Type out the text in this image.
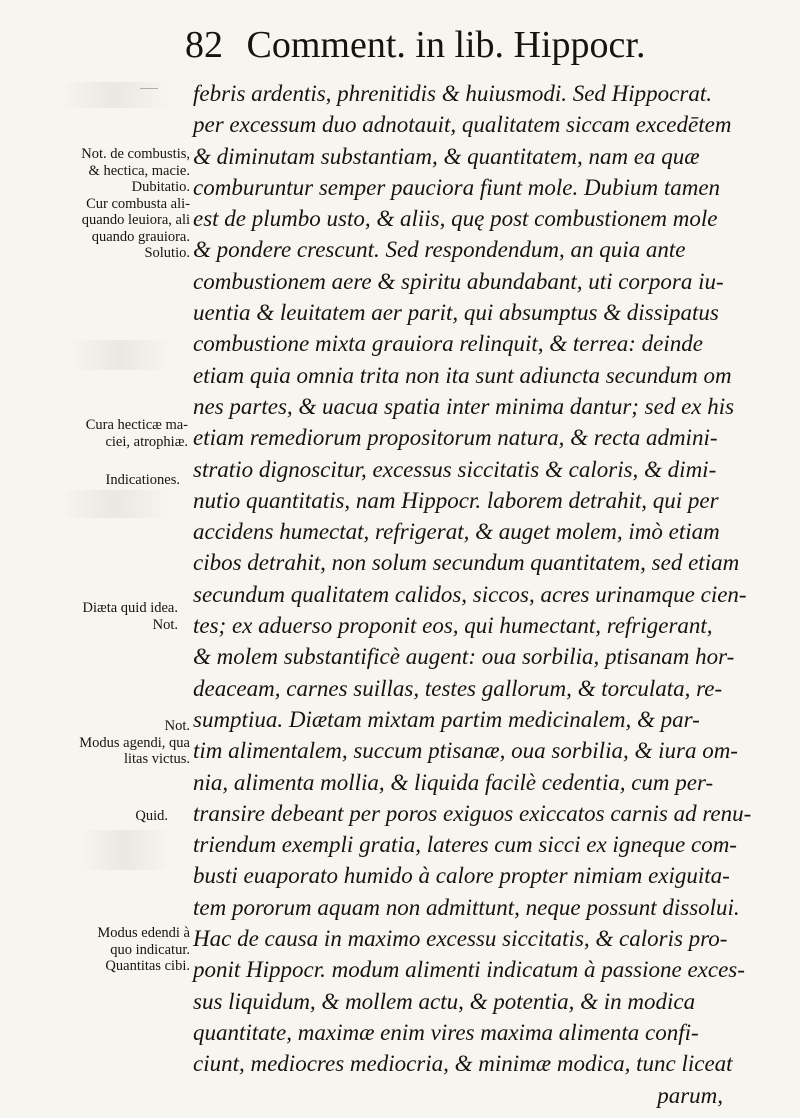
82 Comment. in lib. Hippocr.
febris ardentis, phrenitidis & huiusmodi. Sed Hippocrat.
per excessum duo adnotauit, qualitatem siccam excedētem
& diminutam substantiam, & quantitatem, nam ea quæ
comburuntur semper pauciora fiunt mole. Dubium tamen
est de plumbo usto, & aliis, quę post combustionem mole
& pondere crescunt. Sed respondendum, an quia ante
combustionem aere & spiritu abundabant, uti corpora iu-
uentia & leuitatem aer parit, qui absumptus & dissipatus
combustione mixta grauiora relinquit, & terrea: deinde
etiam quia omnia trita non ita sunt adiuncta secundum om
nes partes, & uacua spatia inter minima dantur; sed ex his
etiam remediorum propositorum natura, & recta admini-
stratio dignoscitur, excessus siccitatis & caloris, & dimi-
nutio quantitatis, nam Hippocr. laborem detrahit, qui per
accidens humectat, refrigerat, & auget molem, imò etiam
cibos detrahit, non solum secundum quantitatem, sed etiam
secundum qualitatem calidos, siccos, acres urinamque cien-
tes; ex aduerso proponit eos, qui humectant, refrigerant,
& molem substantificè augent: oua sorbilia, ptisanam hor-
deaceam, carnes suillas, testes gallorum, & torculata, re-
sumptiua. Diætam mixtam partim medicinalem, & par-
tim alimentalem, succum ptisanæ, oua sorbilia, & iura om-
nia, alimenta mollia, & liquida facilè cedentia, cum per-
transire debeant per poros exiguos exiccatos carnis ad renu-
triendum exempli gratia, lateres cum sicci ex igneque com-
busti euaporato humido à calore propter nimiam exiguita-
tem pororum aquam non admittunt, neque possunt dissolui.
Hac de causa in maximo excessu siccitatis, & caloris pro-
ponit Hippocr. modum alimenti indicatum à passione exces-
sus liquidum, & mollem actu, & potentia, & in modica
quantitate, maximæ enim vires maxima alimenta confi-
ciunt, mediocres mediocria, & minimæ modica, tunc liceat
parum,
Not. de combustis,
& hectica, macie.
Dubitatio.
Cur combusta ali-
quando leuiora, ali
quando grauiora.
Solutio.
Cura hecticæ ma-
ciei, atrophiæ.
Indicationes.
Diæta quid idea.
Not.
Not.
Modus agendi, qua
litas victus.
Quid.
Modus edendi à
quo indicatur.
Quantitas cibi.
